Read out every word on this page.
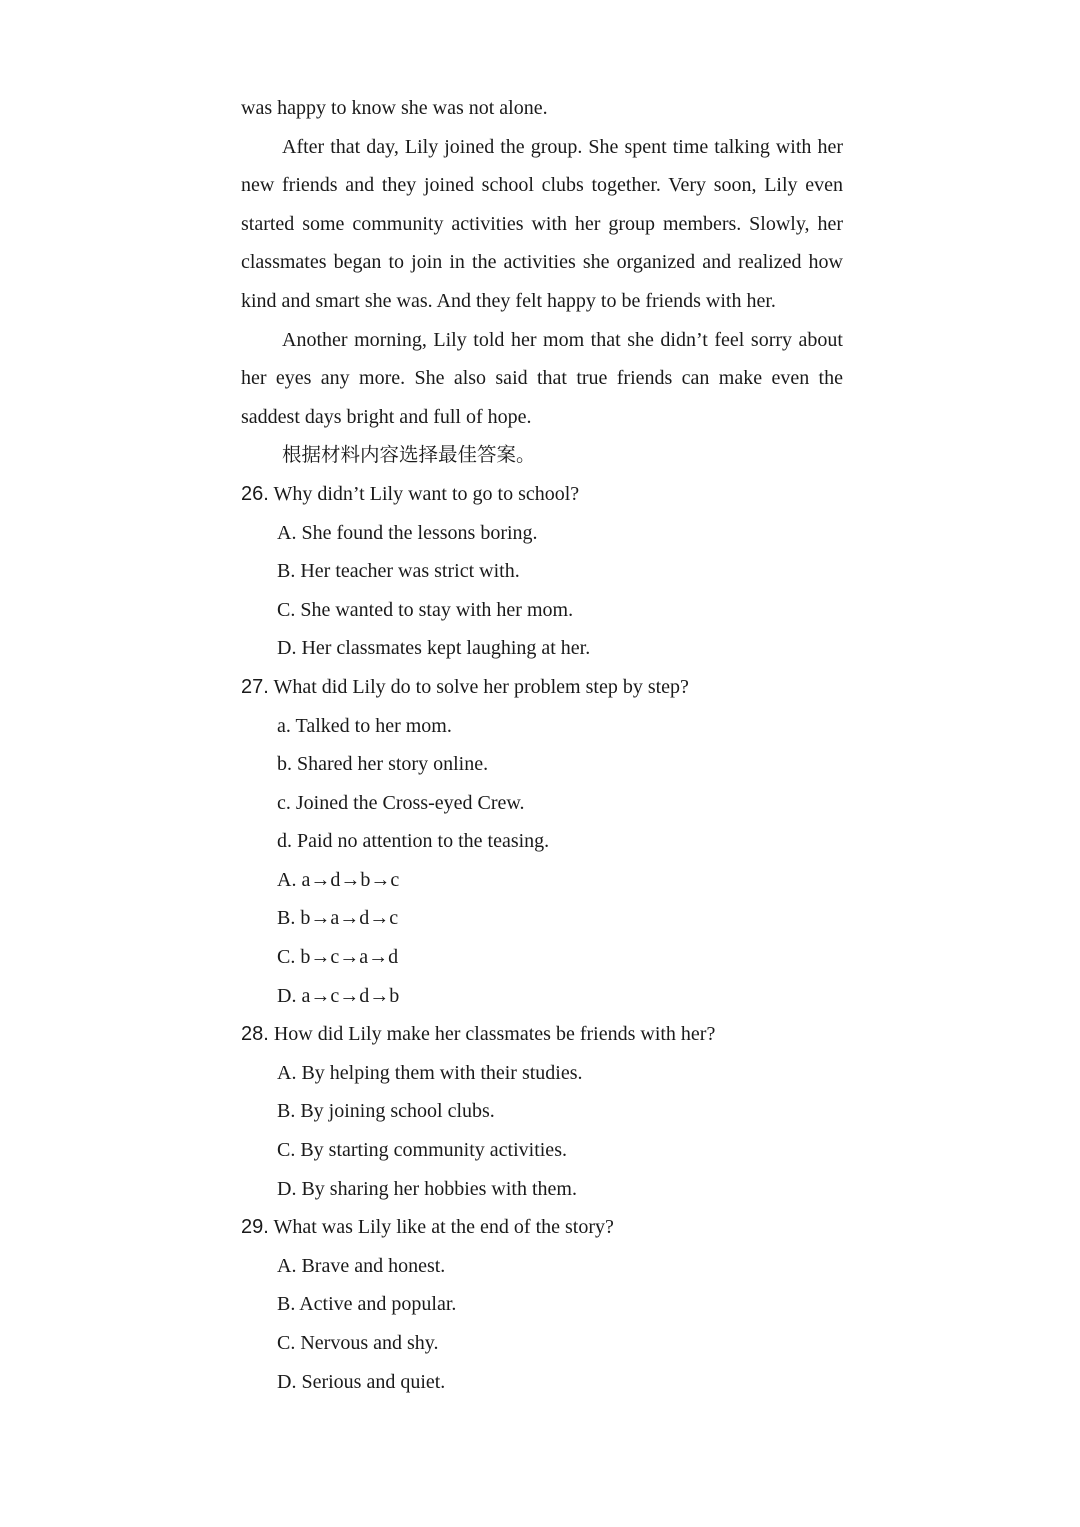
was happy to know she was not alone.
After that day, Lily joined the group. She spent time talking with her new friends and they joined school clubs together. Very soon, Lily even started some community activities with her group members. Slowly, her classmates began to join in the activities she organized and realized how kind and smart she was. And they felt happy to be friends with her.
Another morning, Lily told her mom that she didn’t feel sorry about her eyes any more. She also said that true friends can make even the saddest days bright and full of hope.
根据材料内容选择最佳答案。
26. Why didn’t Lily want to go to school?
A. She found the lessons boring.
B. Her teacher was strict with.
C. She wanted to stay with her mom.
D. Her classmates kept laughing at her.
27. What did Lily do to solve her problem step by step?
a. Talked to her mom.
b. Shared her story online.
c. Joined the Cross-eyed Crew.
d. Paid no attention to the teasing.
A. a→d→b→c
B. b→a→d→c
C. b→c→a→d
D. a→c→d→b
28. How did Lily make her classmates be friends with her?
A. By helping them with their studies.
B. By joining school clubs.
C. By starting community activities.
D. By sharing her hobbies with them.
29. What was Lily like at the end of the story?
A. Brave and honest.
B. Active and popular.
C. Nervous and shy.
D. Serious and quiet.
